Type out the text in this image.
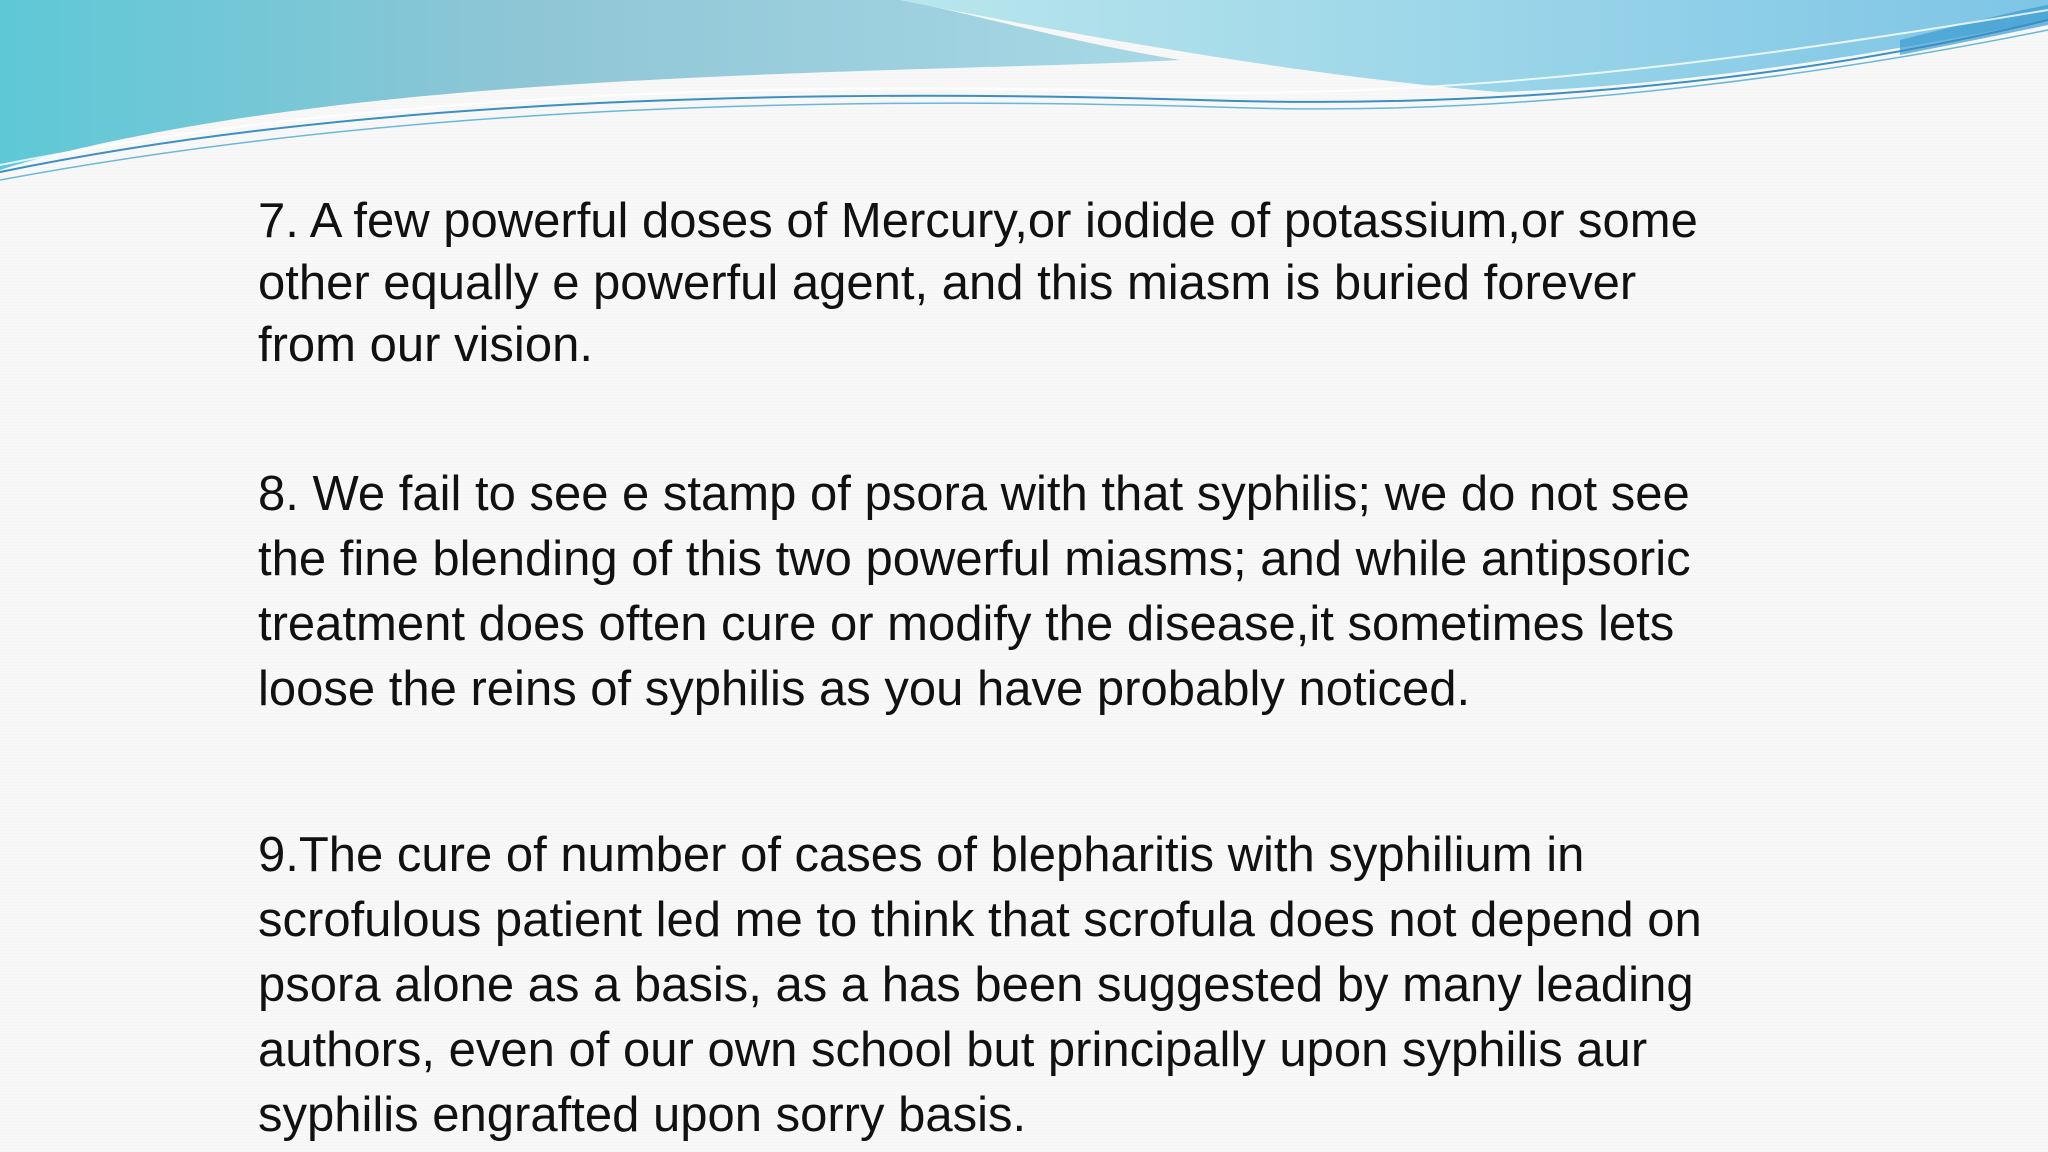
7. A few powerful doses of Mercury,or iodide of potassium,or some
other equally e powerful agent, and this miasm is buried forever
from our vision.

8. We fail to see e stamp of psora with that syphilis; we do not see
the fine blending of this two powerful miasms; and while antipsoric
treatment does often cure or modify the disease,it sometimes lets
loose the reins of syphilis as you have probably noticed.

9.The cure of number of cases of blepharitis with syphilium in
scrofulous patient led me to think that scrofula does not depend on
psora alone as a basis, as a has been suggested by many leading
authors, even of our own school but principally upon syphilis aur
syphilis engrafted upon sorry basis.
